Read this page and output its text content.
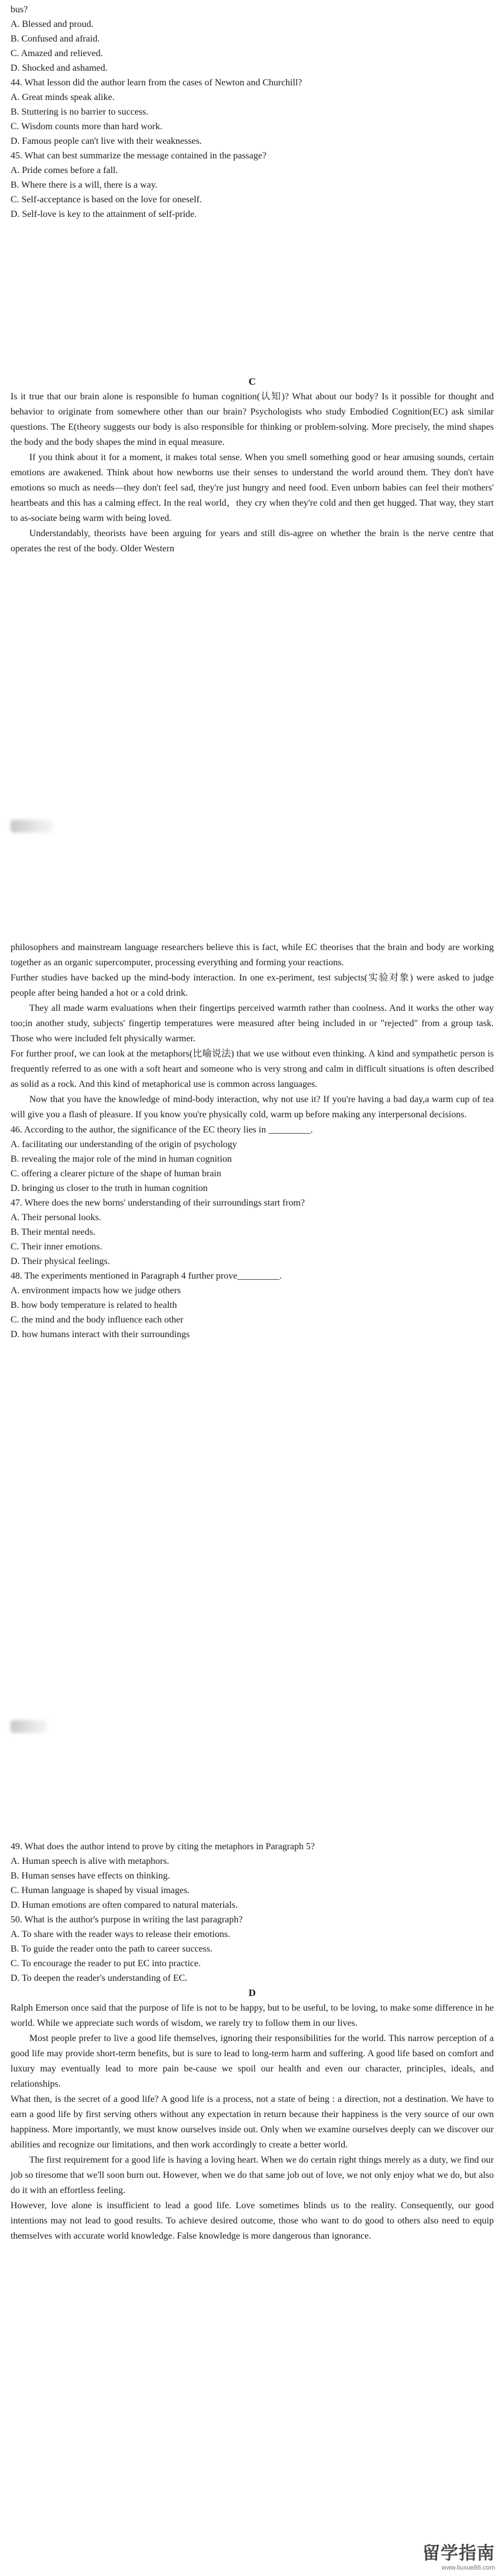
bus?

A. Blessed and proud.

B. Confused and afraid.

C. Amazed and relieved.

D. Shocked and ashamed.

44. What lesson did the author learn from the cases of Newton and Churchill?

A. Great minds speak alike.

B. Stuttering is no barrier to success.

C. Wisdom counts more than hard work.

D. Famous people can't live with their weaknesses.

45. What can best summarize the message contained in the passage?

A. Pride comes before a fall.

B. Where there is a will, there is a way.

C. Self-acceptance is based on the love for oneself.

D. Self-love is key to the attainment of self-pride.

C

Is it true that our brain alone is responsible fo human cognition(认知)? What about our body? Is it possible for thought and behavior to originate from somewhere other than our brain? Psychologists who study Embodied Cognition(EC) ask similar questions. The E(theory suggests our body is also responsible for thinking or problem-solving. More precisely, the mind shapes the body and the body shapes the mind in equal measure.

If you think about it for a moment, it makes total sense. When you smell something good or hear amusing sounds, certain emotions are awakened. Think about how newborns use their senses to understand the world around them. They don't have emotions so much as needs—they don't feel sad, they're just hungry and need food. Even unborn babies can feel their mothers' heartbeats and this has a calming effect. In the real world，they cry when they're cold and then get hugged. That way, they start to as-sociate being warm with being loved.

Understandably, theorists have been arguing for years and still dis-agree on whether the brain is the nerve centre that operates the rest of the body. Older Western

philosophers and mainstream language researchers believe this is fact, while EC theorises that the brain and body are working together as an organic supercomputer, processing everything and forming your reactions.

Further studies have backed up the mind-body interaction. In one ex-periment, test subjects(实验对象) were asked to judge people after being handed a hot or a cold drink.

They all made warm evaluations when their fingertips perceived warmth rather than coolness. And it works the other way too;in another study, subjects' fingertip temperatures were measured after being included in or "rejected" from a group task. Those who were included felt physically warmer.

For further proof, we can look at the metaphors(比喻说法) that we use without even thinking. A kind and sympathetic person is frequently referred to as one with a soft heart and someone who is very strong and calm in difficult situations is often described as solid as a rock. And this kind of metaphorical use is common across languages.

Now that you have the knowledge of mind-body interaction, why not use it? If you're having a bad day,a warm cup of tea will give you a flash of pleasure. If you know you're physically cold, warm up before making any interpersonal decisions.

46. According to the author, the significance of the EC theory lies in _________.

A. facilitating our understanding of the origin of psychology

B. revealing the major role of the mind in human cognition

C. offering a clearer picture of the shape of human brain

D. bringing us closer to the truth in human cognition

47. Where does the new borns' understanding of their surroundings start from?

A. Their personal looks.

B. Their mental needs.

C. Their inner emotions.

D. Their physical feelings.

48. The experiments mentioned in Paragraph 4 further prove_________.

A. environment impacts how we judge others

B. how body temperature is related to health

C. the mind and the body influence each other

D. how humans interact with their surroundings

49. What does the author intend to prove by citing the metaphors in Paragraph 5?

A. Human speech is alive with metaphors.

B. Human senses have effects on thinking.

C. Human language is shaped by visual images.

D. Human emotions are often compared to natural materials.

50. What is the author's purpose in writing the last paragraph?

A. To share with the reader ways to release their emotions.

B. To guide the reader onto the path to career success.

C. To encourage the reader to put EC into practice.

D. To deepen the reader's understanding of EC.

D

Ralph Emerson once said that the purpose of life is not to be happy, but to be useful, to be loving, to make some difference in he world. While we appreciate such words of wisdom, we rarely try to follow them in our lives.

Most people prefer to live a good life themselves, ignoring their responsibilities for the world. This narrow perception of a good life may provide short-term benefits, but is sure to lead to long-term harm and suffering. A good life based on comfort and luxury may eventually lead to more pain be-cause we spoil our health and even our character, principles, ideals, and relationships.

What then, is the secret of a good life? A good life is a process, not a state of being : a direction, not a destination. We have to earn a good life by first serving others without any expectation in return because their happiness is the very source of our own happiness. More importantly, we must know ourselves inside out. Only when we examine ourselves deeply can we discover our abilities and recognize our limitations, and then work accordingly to create a better world.

The first requirement for a good life is having a loving heart. When we do certain right things merely as a duty, we find our job so tiresome that we'll soon burn out. However, when we do that same job out of love, we not only enjoy what we do, but also do it with an effortless feeling.

However, love alone is insufficient to lead a good life. Love sometimes blinds us to the reality. Consequently, our good intentions may not lead to good results. To achieve desired outcome, those who want to do good to others also need to equip themselves with accurate world knowledge. False knowledge is more dangerous than ignorance.

留学指南
www.liuxue86.com
